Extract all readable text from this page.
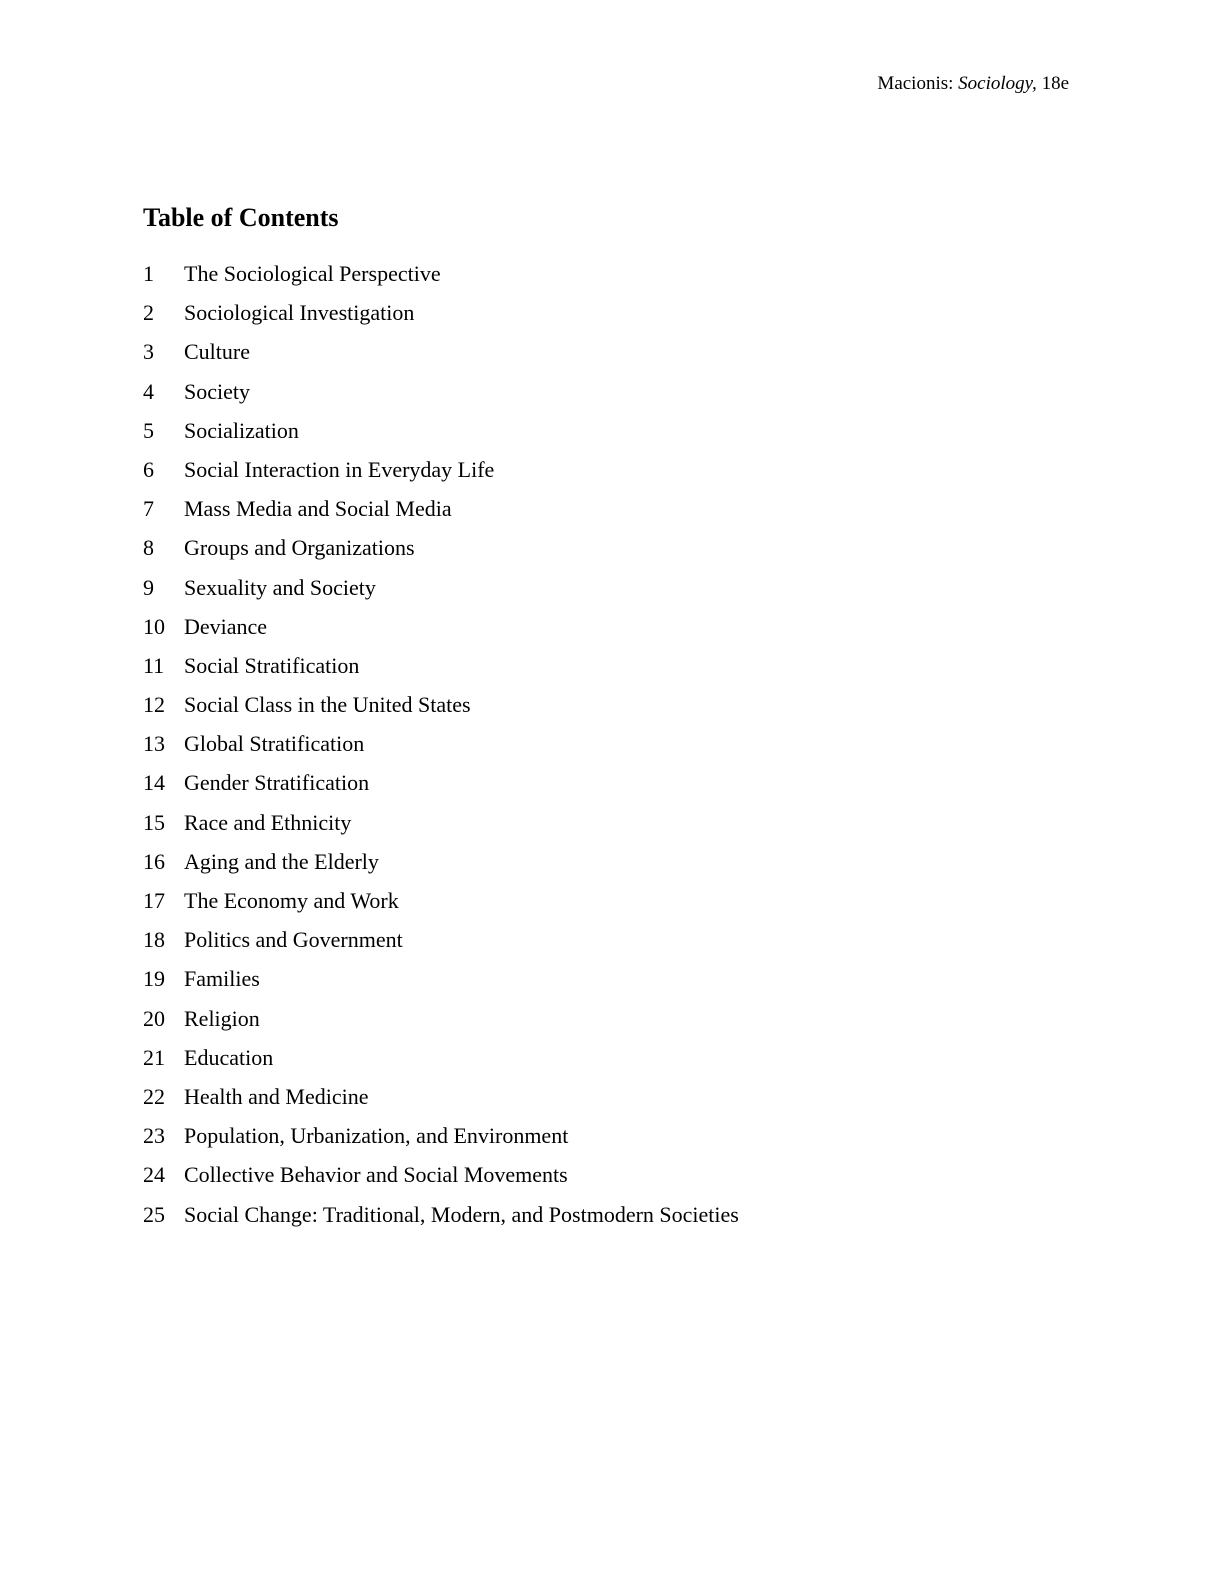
Macionis: Sociology, 18e
Table of Contents
1	The Sociological Perspective
2	Sociological Investigation
3	Culture
4	Society
5	Socialization
6	Social Interaction in Everyday Life
7	Mass Media and Social Media
8	Groups and Organizations
9	Sexuality and Society
10 Deviance
11 Social Stratification
12 Social Class in the United States
13 Global Stratification
14 Gender Stratification
15 Race and Ethnicity
16 Aging and the Elderly
17 The Economy and Work
18 Politics and Government
19 Families
20 Religion
21 Education
22 Health and Medicine
23 Population, Urbanization, and Environment
24 Collective Behavior and Social Movements
25 Social Change: Traditional, Modern, and Postmodern Societies
